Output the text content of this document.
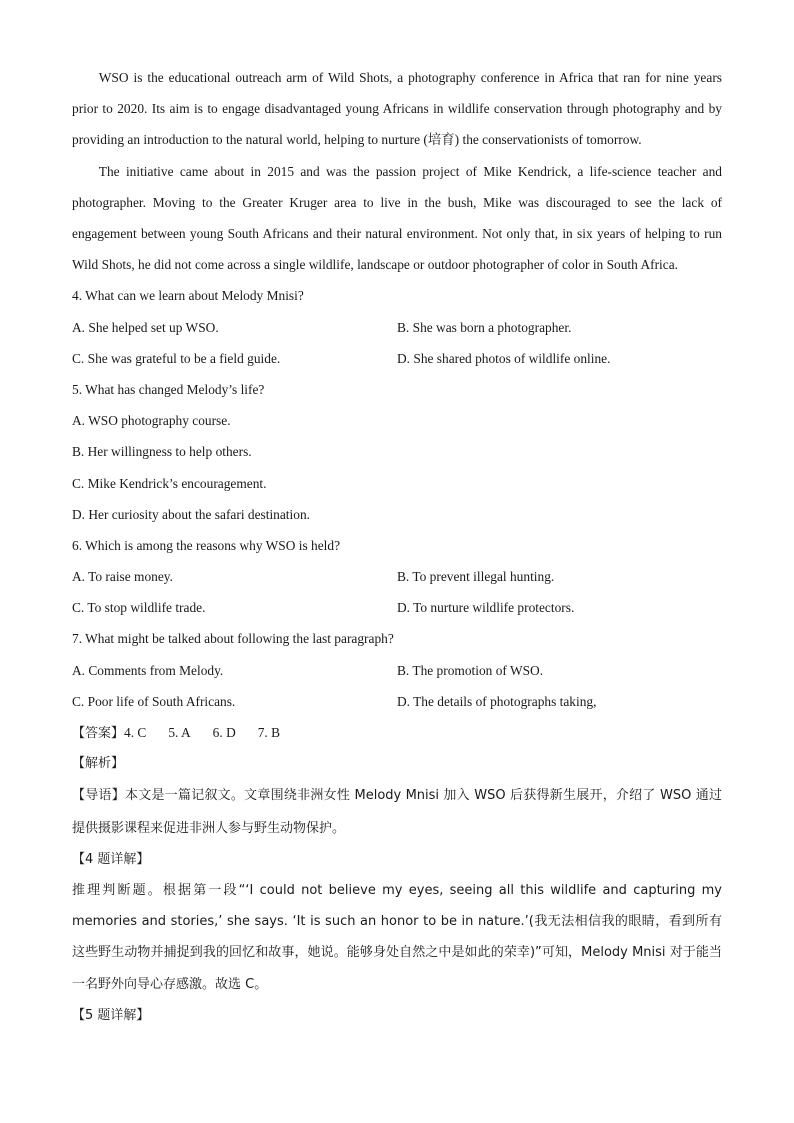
WSO is the educational outreach arm of Wild Shots, a photography conference in Africa that ran for nine years prior to 2020. Its aim is to engage disadvantaged young Africans in wildlife conservation through photography and by providing an introduction to the natural world, helping to nurture (培育) the conservationists of tomorrow.

The initiative came about in 2015 and was the passion project of Mike Kendrick, a life-science teacher and photographer. Moving to the Greater Kruger area to live in the bush, Mike was discouraged to see the lack of engagement between young South Africans and their natural environment. Not only that, in six years of helping to run Wild Shots, he did not come across a single wildlife, landscape or outdoor photographer of color in South Africa.

4. What can we learn about Melody Mnisi?
A. She helped set up WSO.	B. She was born a photographer.
C. She was grateful to be a field guide.	D. She shared photos of wildlife online.
5. What has changed Melody’s life?
A. WSO photography course.
B. Her willingness to help others.
C. Mike Kendrick’s encouragement.
D. Her curiosity about the safari destination.
6. Which is among the reasons why WSO is held?
A. To raise money.	B. To prevent illegal hunting.
C. To stop wildlife trade.	D. To nurture wildlife protectors.
7. What might be talked about following the last paragraph?
A. Comments from Melody.	B. The promotion of WSO.
C. Poor life of South Africans.	D. The details of photographs taking,
【答案】4. C 5. A 6. D 7. B
【解析】

【导语】本文是一篇记叙文。文章围绕非洲女性 Melody Mnisi 加入 WSO 后获得新生展开，介绍了 WSO 通过提供摄影课程来促进非洲人参与野生动物保护。

【4 题详解】

推理判断题。根据第一段“‘I could not believe my eyes, seeing all this wildlife and capturing my memories and stories,’ she says. ‘It is such an honor to be in nature.’(我无法相信我的眼睛，看到所有这些野生动物并捕捉到我的回忆和故事，她说。能够身处自然之中是如此的荣幸)”可知，Melody Mnisi 对于能当一名野外向导心存感激。故选 C。

【5 题详解】
